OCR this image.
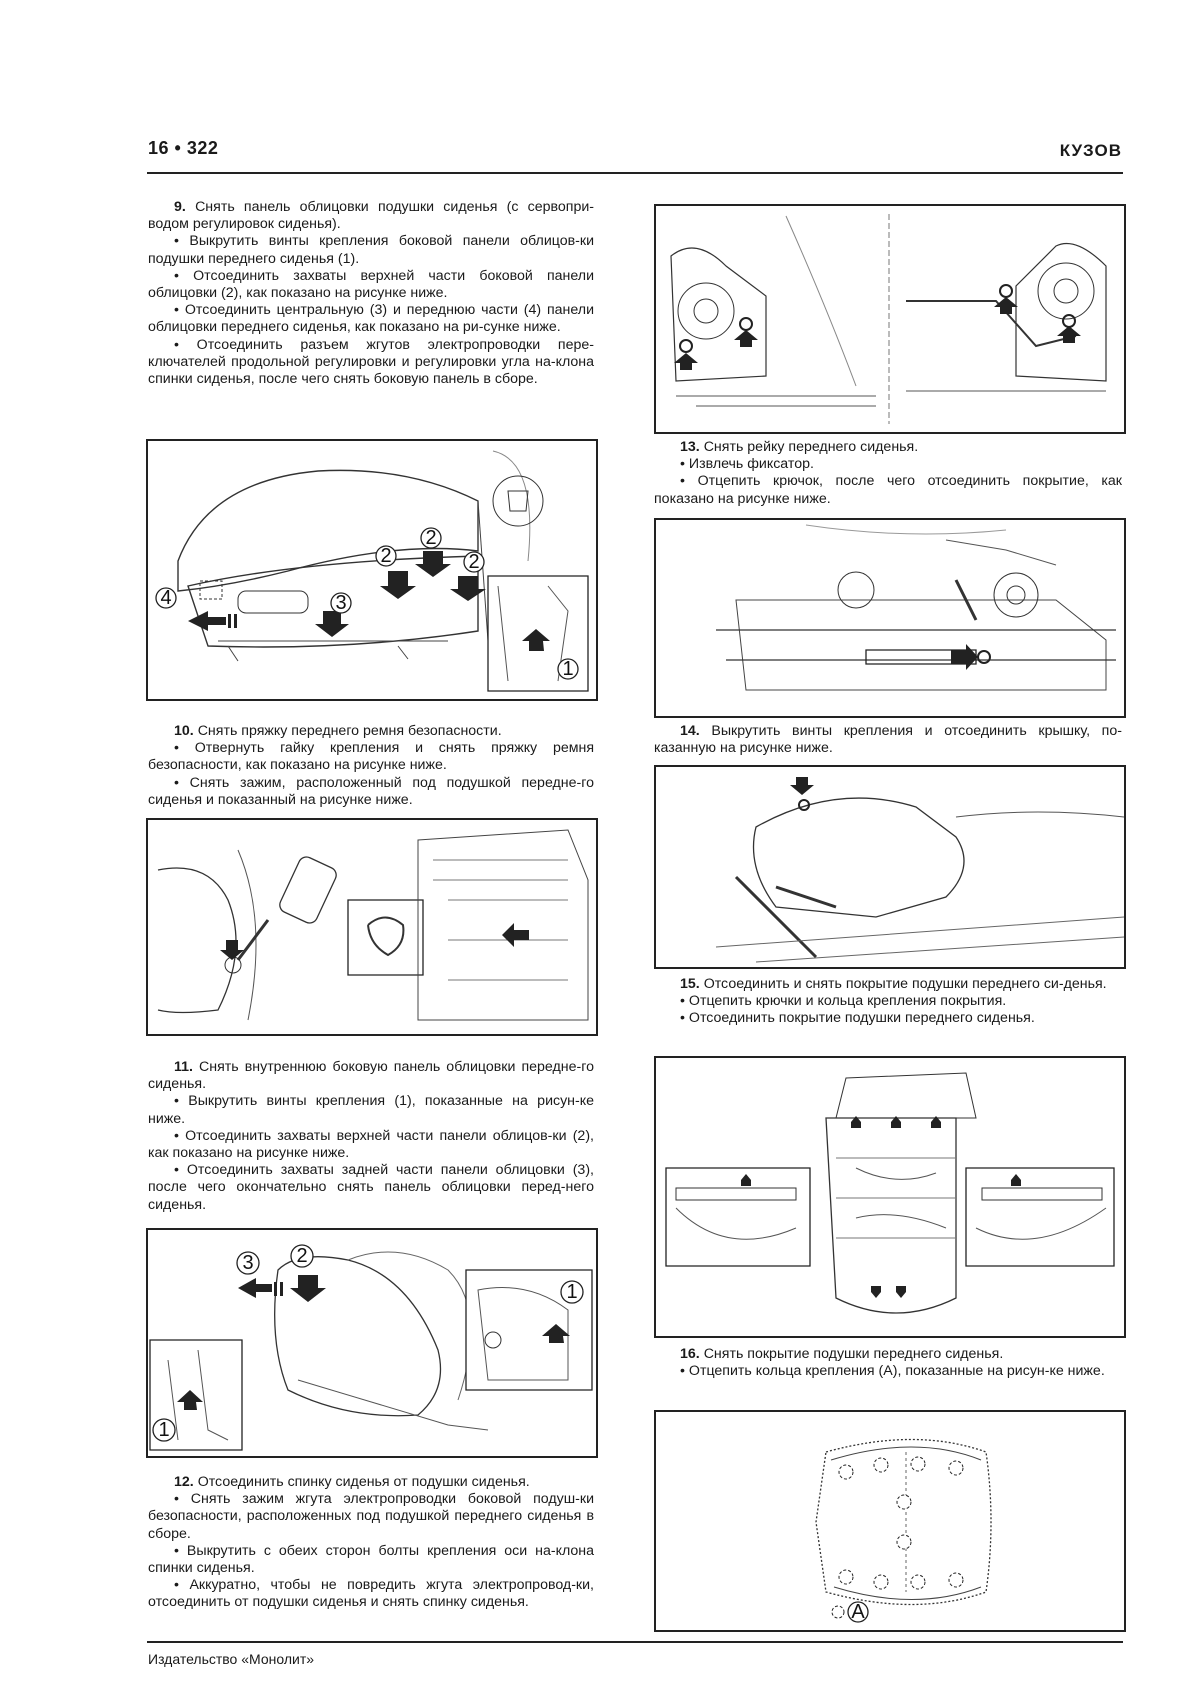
16 • 322	КУЗОВ

9. Снять панель облицовки подушки сиденья (с сервопри-водом регулировок сиденья).

• Выкрутить винты крепления боковой панели облицов-ки подушки переднего сиденья (1).

• Отсоединить захваты верхней части боковой панели облицовки (2), как показано на рисунке ниже.

• Отсоединить центральную (3) и переднюю части (4) панели облицовки переднего сиденья, как показано на ри-сунке ниже.

• Отсоединить разъем жгутов электропроводки пере-ключателей продольной регулировки и регулировки угла на-клона спинки сиденья, после чего снять боковую панель в сборе.

2
2
2
3
4
1

10. Снять пряжку переднего ремня безопасности.

• Отвернуть гайку крепления и снять пряжку ремня безопасности, как показано на рисунке ниже.

• Снять зажим, расположенный под подушкой передне-го сиденья и показанный на рисунке ниже.

11. Снять внутреннюю боковую панель облицовки передне-го сиденья.

• Выкрутить винты крепления (1), показанные на рисун-ке ниже.

• Отсоединить захваты верхней части панели облицов-ки (2), как показано на рисунке ниже.

• Отсоединить захваты задней части панели облицовки (3), после чего окончательно снять панель облицовки перед-него сиденья.

2
3
1
1

12. Отсоединить спинку сиденья от подушки сиденья.

• Снять зажим жгута электропроводки боковой подуш-ки безопасности, расположенных под подушкой переднего сиденья в сборе.

• Выкрутить с обеих сторон болты крепления оси на-клона спинки сиденья.

• Аккуратно, чтобы не повредить жгута электропровод-ки, отсоединить от подушки сиденья и снять спинку сиденья.

13. Снять рейку переднего сиденья.

• Извлечь фиксатор.

• Отцепить крючок, после чего отсоединить покрытие, как показано на рисунке ниже.

14. Выкрутить винты крепления и отсоединить крышку, по-казанную на рисунке ниже.

15. Отсоединить и снять покрытие подушки переднего си-денья.

• Отцепить крючки и кольца крепления покрытия.

• Отсоединить покрытие подушки переднего сиденья.

16. Снять покрытие подушки переднего сиденья.

• Отцепить кольца крепления (A), показанные на рисун-ке ниже.

A
Издательство «Монолит»
